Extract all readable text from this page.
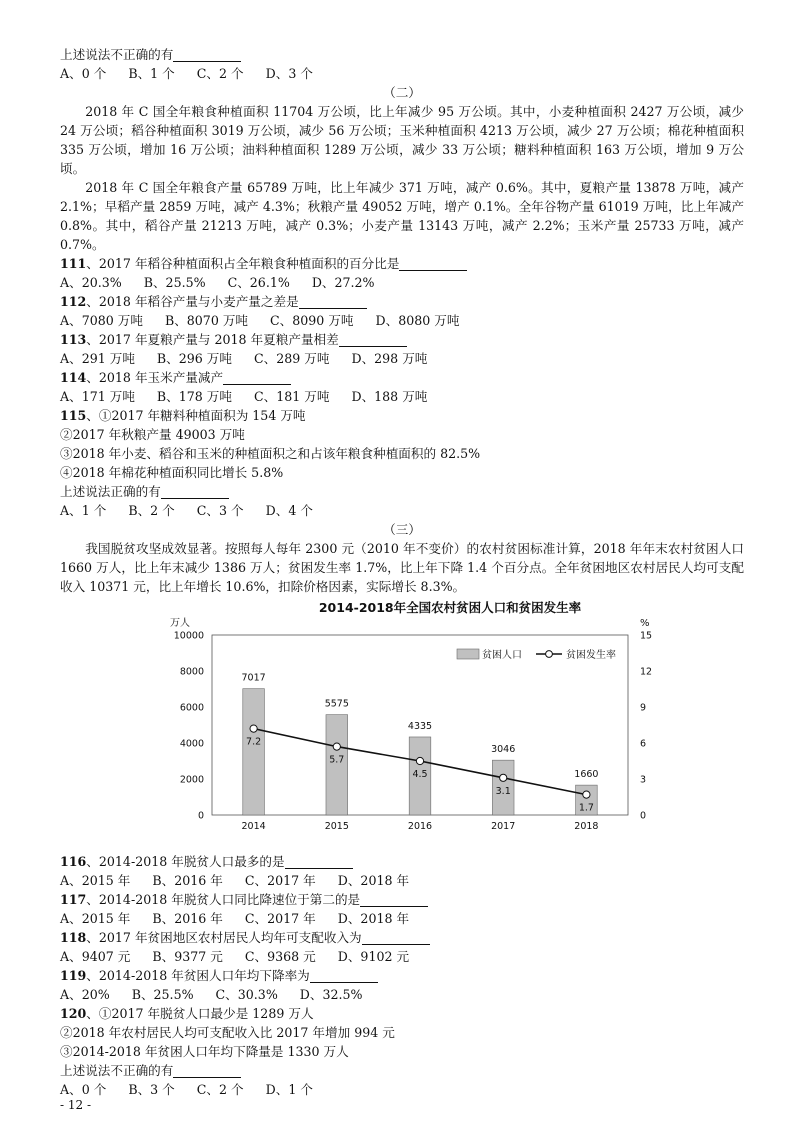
上述说法不正确的有
A、0 个 B、1 个 C、2 个 D、3 个
（二）
2018 年 C 国全年粮食种植面积 11704 万公顷，比上年减少 95 万公顷。其中，小麦种植面积 2427 万公顷，减少 24 万公顷；稻谷种植面积 3019 万公顷，减少 56 万公顷；玉米种植面积 4213 万公顷，减少 27 万公顷；棉花种植面积 335 万公顷，增加 16 万公顷；油料种植面积 1289 万公顷，减少 33 万公顷；糖料种植面积 163 万公顷，增加 9 万公顷。
2018 年 C 国全年粮食产量 65789 万吨，比上年减少 371 万吨，减产 0.6%。其中，夏粮产量 13878 万吨，减产 2.1%；早稻产量 2859 万吨，减产 4.3%；秋粮产量 49052 万吨，增产 0.1%。全年谷物产量 61019 万吨，比上年减产 0.8%。其中，稻谷产量 21213 万吨，减产 0.3%；小麦产量 13143 万吨，减产 2.2%；玉米产量 25733 万吨，减产 0.7%。
111、2017 年稻谷种植面积占全年粮食种植面积的百分比是
A、20.3% B、25.5% C、26.1% D、27.2%
112、2018 年稻谷产量与小麦产量之差是
A、7080 万吨 B、8070 万吨 C、8090 万吨 D、8080 万吨
113、2017 年夏粮产量与 2018 年夏粮产量相差
A、291 万吨 B、296 万吨 C、289 万吨 D、298 万吨
114、2018 年玉米产量减产
A、171 万吨 B、178 万吨 C、181 万吨 D、188 万吨
115、①2017 年糖料种植面积为 154 万吨
②2017 年秋粮产量 49003 万吨
③2018 年小麦、稻谷和玉米的种植面积之和占该年粮食种植面积的 82.5%
④2018 年棉花种植面积同比增长 5.8%
上述说法正确的有
A、1 个 B、2 个 C、3 个 D、4 个
（三）
我国脱贫攻坚成效显著。按照每人每年 2300 元（2010 年不变价）的农村贫困标准计算，2018 年年末农村贫困人口 1660 万人，比上年末减少 1386 万人；贫困发生率 1.7%，比上年下降 1.4 个百分点。全年贫困地区农村居民人均可支配收入 10371 元，比上年增长 10.6%，扣除价格因素，实际增长 8.3%。
2014-2018年全国农村贫困人口和贫困发生率
万人	%
0
2000
4000
6000
8000
10000
0
3
6
9
12
15
7017
5575
4335
3046
1660
7.2
5.7
4.5
3.1
1.7
2014	2015	2016	2017	2018
贫困人口	贫困发生率
116、2014-2018 年脱贫人口最多的是
A、2015 年 B、2016 年 C、2017 年 D、2018 年
117、2014-2018 年脱贫人口同比降速位于第二的是
A、2015 年 B、2016 年 C、2017 年 D、2018 年
118、2017 年贫困地区农村居民人均年可支配收入为
A、9407 元 B、9377 元 C、9368 元 D、9102 元
119、2014-2018 年贫困人口年均下降率为
A、20% B、25.5% C、30.3% D、32.5%
120、①2017 年脱贫人口最少是 1289 万人
②2018 年农村居民人均可支配收入比 2017 年增加 994 元
③2014-2018 年贫困人口年均下降量是 1330 万人
上述说法不正确的有
A、0 个 B、3 个 C、2 个 D、1 个
- 12 -
